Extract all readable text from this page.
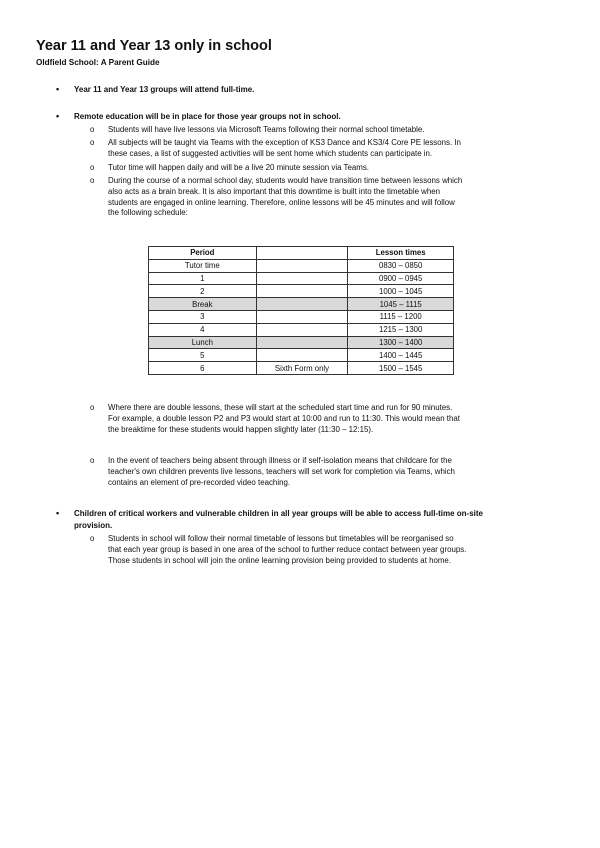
Year 11 and Year 13 only in school
Oldfield School: A Parent Guide
•	Year 11 and Year 13 groups will attend full-time.
•	Remote education will be in place for those year groups not in school.
o Students will have live lessons via Microsoft Teams following their normal school timetable.
o All subjects will be taught via Teams with the exception of KS3 Dance and KS3/4 Core PE lessons. In
these cases, a list of suggested activities will be sent home which students can participate in.
o Tutor time will happen daily and will be a live 20 minute session via Teams.
o During the course of a normal school day, students would have transition time between lessons which
also acts as a brain break. It is also important that this downtime is built into the timetable when
students are engaged in online learning. Therefore, online lessons will be 45 minutes and will follow
the following schedule:
Period		Lesson times
Tutor time		0830 – 0850
1		0900 – 0945
2		1000 – 1045
Break		1045 – 1115
3		1115 – 1200
4		1215 – 1300
Lunch		1300 – 1400
5		1400 – 1445
6	Sixth Form only	1500 – 1545
o Where there are double lessons, these will start at the scheduled start time and run for 90 minutes.
For example, a double lesson P2 and P3 would start at 10:00 and run to 11:30. This would mean that
the breaktime for these students would happen slightly later (11:30 – 12:15).
o In the event of teachers being absent through illness or if self-isolation means that childcare for the
teacher's own children prevents live lessons, teachers will set work for completion via Teams, which
contains an element of pre-recorded video teaching.
•	Children of critical workers and vulnerable children in all year groups will be able to access full-time on-site
provision.
o Students in school will follow their normal timetable of lessons but timetables will be reorganised so
that each year group is based in one area of the school to further reduce contact between year groups.
Those students in school will join the online learning provision being provided to students at home.
